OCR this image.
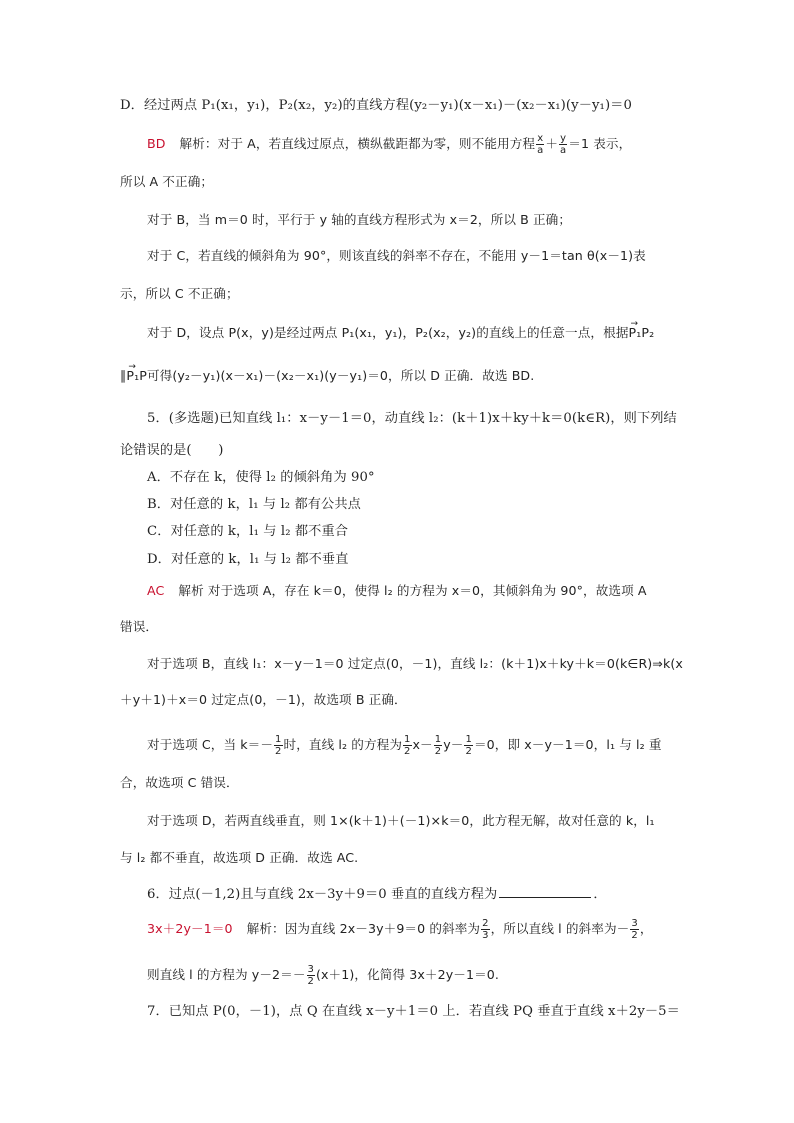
D．经过两点 P₁(x₁，y₁)，P₂(x₂，y₂)的直线方程(y₂－y₁)(x－x₁)－(x₂－x₁)(y－y₁)＝0
BD 解析：对于 A，若直线过原点，横纵截距都为零，则不能用方程 $\frac{x}{a} + \frac{y}{a} =1$ 表示，
所以 A 不正确；
对于 B，当 m＝0 时，平行于 y 轴的直线方程形式为 x＝2，所以 B 正确；
对于 C，若直线的倾斜角为 90°，则该直线的斜率不存在，不能用 y－1＝tan θ(x－1)表
示，所以 C 不正确；
对于 D，设点 P(x，y)是经过两点 P₁(x₁，y₁)，P₂(x₂，y₂)的直线上的任意一点，根据→ P₁P₂
∥→ P₁P可得(y₂－y₁)(x－x₁)－(x₂－x₁)(y－y₁)＝0，所以 D 正确．故选 BD.
5．(多选题)已知直线 l₁：x－y－1＝0，动直线 l₂：(k＋1)x＋ky＋k＝0(k∈R)，则下列结
论错误的是(　　)
A．不存在 k，使得 l₂ 的倾斜角为 90°
B．对任意的 k，l₁ 与 l₂ 都有公共点
C．对任意的 k，l₁ 与 l₂ 都不重合
D．对任意的 k，l₁ 与 l₂ 都不垂直
AC 解析 对于选项 A，存在 k＝0，使得 l₂ 的方程为 x＝0，其倾斜角为 90°，故选项 A
错误．
对于选项 B，直线 l₁：x－y－1＝0 过定点(0，－1)，直线 l₂：(k＋1)x＋ky＋k＝0(k∈R)⇒k(x
＋y＋1)＋x＝0 过定点(0，－1)，故选项 B 正确．
对于选项 C，当 $k=- \frac{1}{2}$ 时，直线 l₂ 的方程为 $\frac{1}{2} x- \frac{1}{2} y- \frac{1}{2} =0$，即 x－y－1＝0，l₁ 与 l₂ 重
合，故选项 C 错误．
对于选项 D，若两直线垂直，则 1×(k＋1)＋(－1)×k＝0，此方程无解，故对任意的 k，l₁
与 l₂ 都不垂直，故选项 D 正确．故选 AC.
6．过点(－1,2)且与直线 2x－3y＋9＝0 垂直的直线方程为	．
3x＋2y－1＝0 解析：因为直线 2x－3y＋9＝0 的斜率为 $\frac{2}{3}$ ，所以直线 l 的斜率为－ $\frac{3}{2}$ ，
则直线 l 的方程为 $y-2=- \frac{3}{2} (x+1)$，化简得 3x＋2y－1＝0.
7．已知点 P(0，－1)，点 Q 在直线 x－y＋1＝0 上．若直线 PQ 垂直于直线 x＋2y－5＝
